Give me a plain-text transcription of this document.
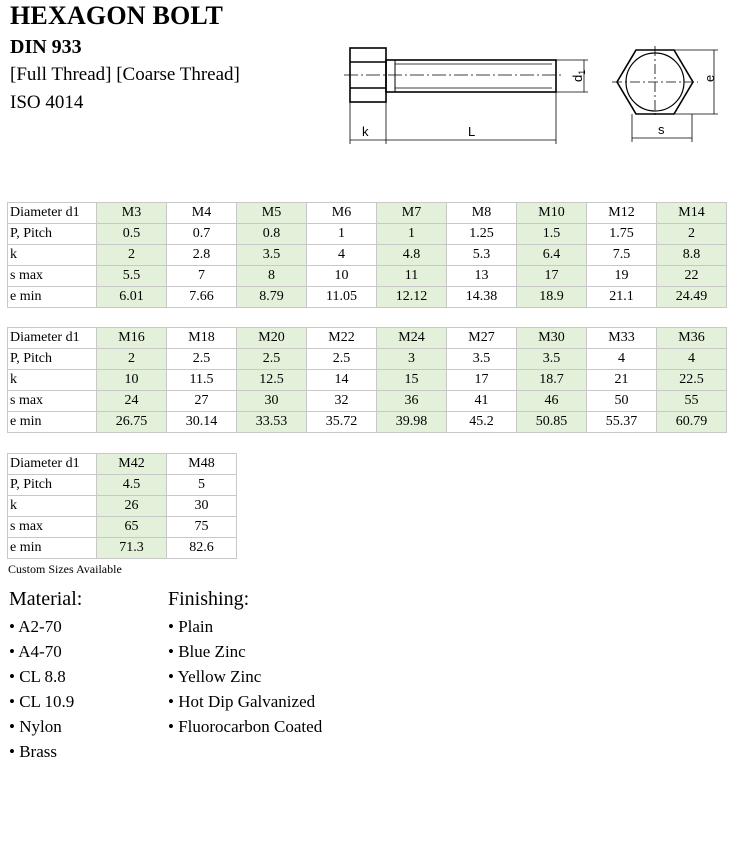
HEXAGON BOLT
DIN 933
[Full Thread] [Coarse Thread]
ISO 4014
k	L
$d_1$
s
e
Diameter d1	M3	M4	M5	M6	M7	M8	M10	M12	M14
P, Pitch	0.5	0.7	0.8	1	1	1.25	1.5	1.75	2
k	2	2.8	3.5	4	4.8	5.3	6.4	7.5	8.8
s max	5.5	7	8	10	11	13	17	19	22
e min	6.01	7.66	8.79	11.05	12.12	14.38	18.9	21.1	24.49
Diameter d1	M16	M18	M20	M22	M24	M27	M30	M33	M36
P, Pitch	2	2.5	2.5	2.5	3	3.5	3.5	4	4
k	10	11.5	12.5	14	15	17	18.7	21	22.5
s max	24	27	30	32	36	41	46	50	55
e min	26.75	30.14	33.53	35.72	39.98	45.2	50.85	55.37	60.79
Diameter d1	M42	M48
P, Pitch	4.5	5
k	26	30
s max	65	75
e min	71.3	82.6
Custom Sizes Available
Material:
• A2-70
• A4-70
• CL 8.8
• CL 10.9
• Nylon
• Brass
Finishing:
• Plain
• Blue Zinc
• Yellow Zinc
• Hot Dip Galvanized
• Fluorocarbon Coated
